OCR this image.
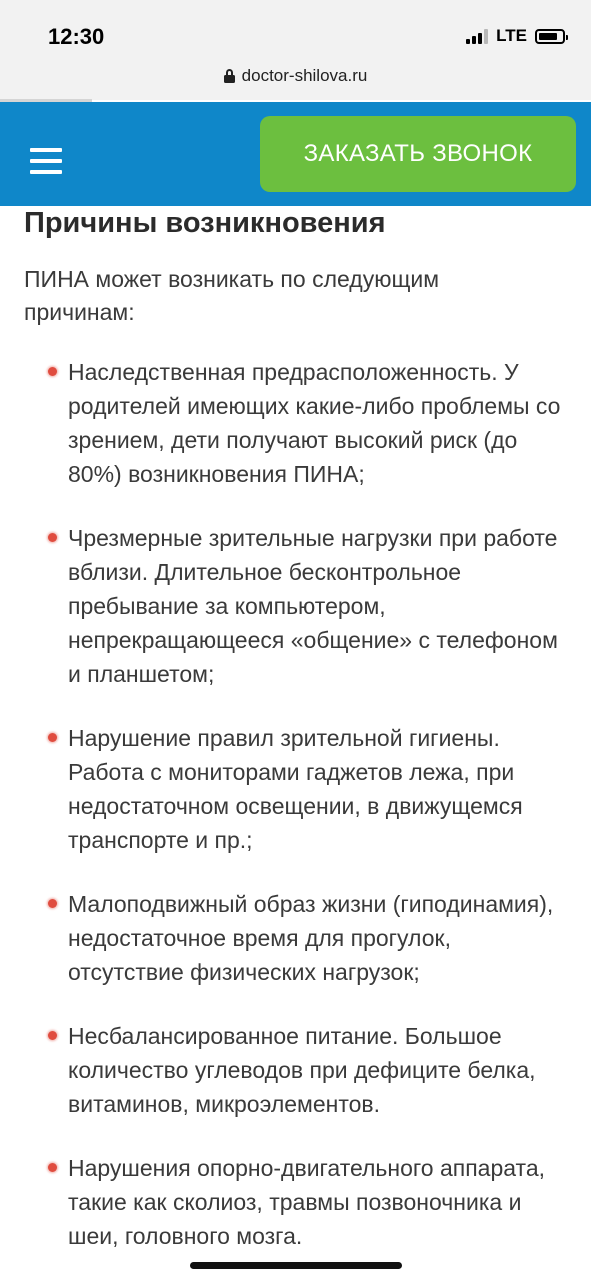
12:30	LTE
doctor-shilova.ru
ЗАКАЗАТЬ ЗВОНОК
Причины возникновения

ПИНА может возникать по следующим причинам:

Наследственная предрасположенность. У родителей имеющих какие-либо проблемы со зрением, дети получают высокий риск (до 80%) возникновения ПИНА;
Чрезмерные зрительные нагрузки при работе вблизи. Длительное бесконтрольное пребывание за компьютером, непрекращающееся «общение» с телефоном и планшетом;
Нарушение правил зрительной гигиены. Работа с мониторами гаджетов лежа, при недостаточном освещении, в движущемся транспорте и пр.;
Малоподвижный образ жизни (гиподинамия), недостаточное время для прогулок, отсутствие физических нагрузок;
Несбалансированное питание. Большое количество углеводов при дефиците белка, витаминов, микроэлементов.
Нарушения опорно-двигательного аппарата, такие как сколиоз, травмы позвоночника и шеи, головного мозга.
